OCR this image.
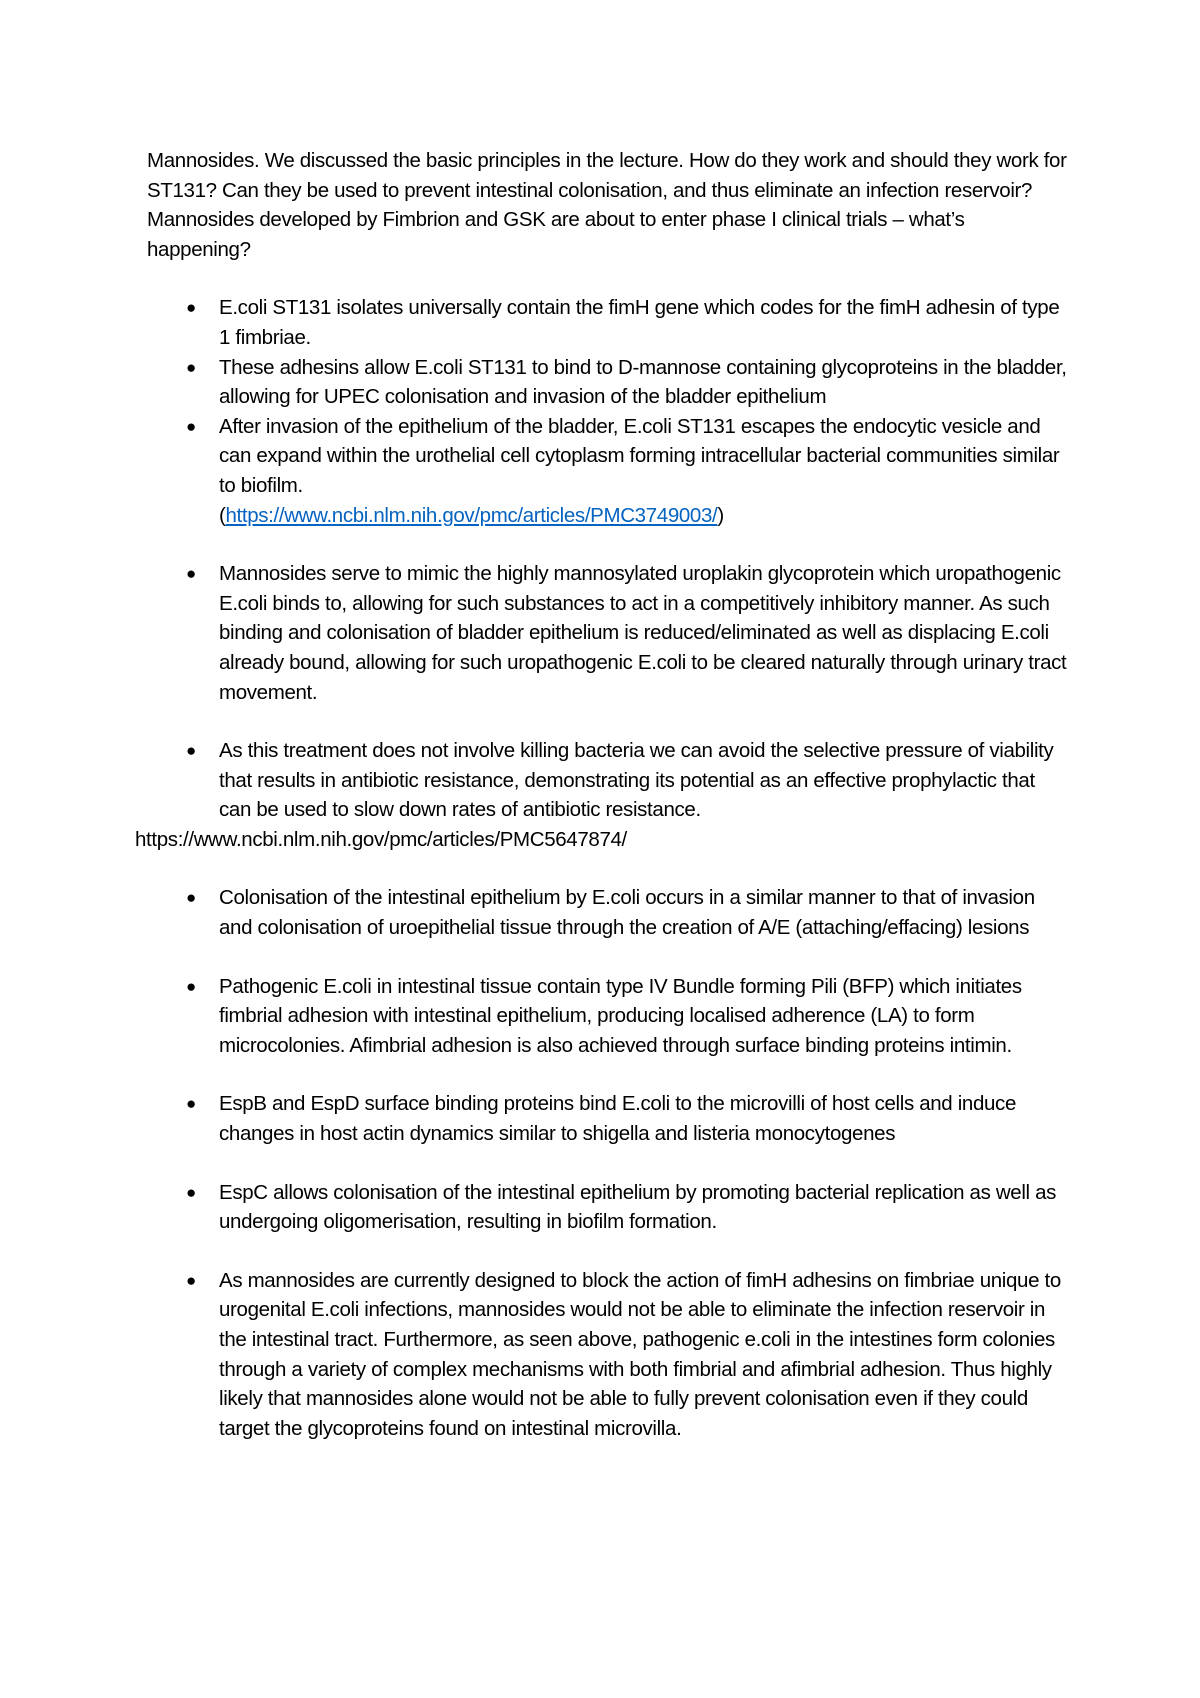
Mannosides. We discussed the basic principles in the lecture. How do they work and should they work for ST131? Can they be used to prevent intestinal colonisation, and thus eliminate an infection reservoir? Mannosides developed by Fimbrion and GSK are about to enter phase I clinical trials – what’s happening?

● E.coli ST131 isolates universally contain the fimH gene which codes for the fimH adhesin of type 1 fimbriae.
● These adhesins allow E.coli ST131 to bind to D-mannose containing glycoproteins in the bladder, allowing for UPEC colonisation and invasion of the bladder epithelium
● After invasion of the epithelium of the bladder, E.coli ST131 escapes the endocytic vesicle and can expand within the urothelial cell cytoplasm forming intracellular bacterial communities similar to biofilm.
(https://www.ncbi.nlm.nih.gov/pmc/articles/PMC3749003/)
● Mannosides serve to mimic the highly mannosylated uroplakin glycoprotein which uropathogenic E.coli binds to, allowing for such substances to act in a competitively inhibitory manner. As such binding and colonisation of bladder epithelium is reduced/eliminated as well as displacing E.coli already bound, allowing for such uropathogenic E.coli to be cleared naturally through urinary tract movement.
● As this treatment does not involve killing bacteria we can avoid the selective pressure of viability that results in antibiotic resistance, demonstrating its potential as an effective prophylactic that can be used to slow down rates of antibiotic resistance.

https://www.ncbi.nlm.nih.gov/pmc/articles/PMC5647874/

● Colonisation of the intestinal epithelium by E.coli occurs in a similar manner to that of invasion and colonisation of uroepithelial tissue through the creation of A/E (attaching/effacing) lesions
● Pathogenic E.coli in intestinal tissue contain type IV Bundle forming Pili (BFP) which initiates fimbrial adhesion with intestinal epithelium, producing localised adherence (LA) to form microcolonies. Afimbrial adhesion is also achieved through surface binding proteins intimin.
● EspB and EspD surface binding proteins bind E.coli to the microvilli of host cells and induce changes in host actin dynamics similar to shigella and listeria monocytogenes
● EspC allows colonisation of the intestinal epithelium by promoting bacterial replication as well as undergoing oligomerisation, resulting in biofilm formation.
● As mannosides are currently designed to block the action of fimH adhesins on fimbriae unique to urogenital E.coli infections, mannosides would not be able to eliminate the infection reservoir in the intestinal tract. Furthermore, as seen above, pathogenic e.coli in the intestines form colonies through a variety of complex mechanisms with both fimbrial and afimbrial adhesion. Thus highly likely that mannosides alone would not be able to fully prevent colonisation even if they could target the glycoproteins found on intestinal microvilla.
